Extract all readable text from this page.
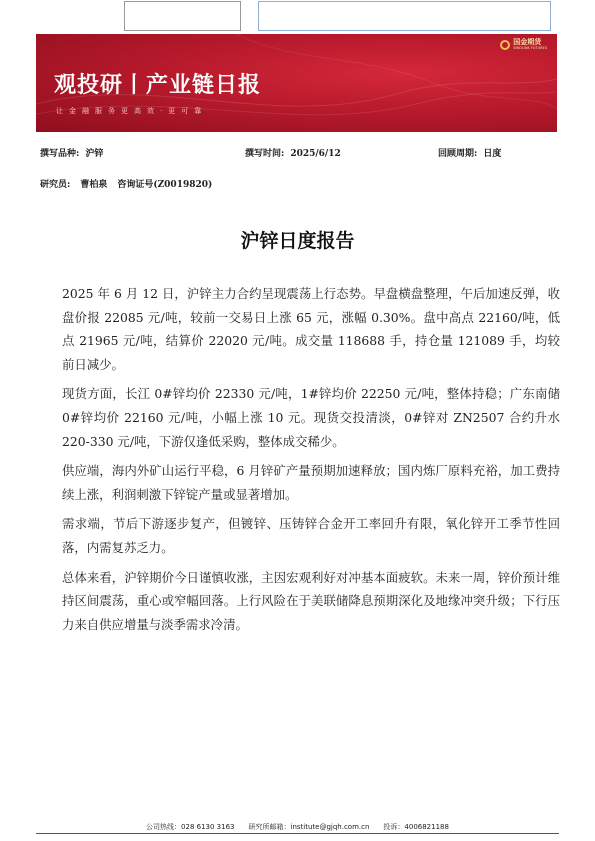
国金期货
SINOLINK FUTURES
观投研丨产业链日报
让金融服务更高效·更可靠
撰写品种: 沪锌	撰写时间: 2025/6/12	回顾周期: 日度
研究员: 曹柏泉 咨询证号(Z0019820)
沪锌日度报告

2025 年 6 月 12 日，沪锌主力合约呈现震荡上行态势。早盘横盘整理，午后加速反弹，收盘价报 22085 元/吨，较前一交易日上涨 65 元，涨幅 0.30%。盘中高点 22160/吨，低点 21965 元/吨，结算价 22020 元/吨。成交量 118688 手，持仓量 121089 手，均较前日减少。

现货方面，长江 0#锌均价 22330 元/吨，1#锌均价 22250 元/吨，整体持稳；广东南储 0#锌均价 22160 元/吨，小幅上涨 10 元。现货交投清淡，0#锌对 ZN2507 合约升水 220-330 元/吨，下游仅逢低采购，整体成交稀少。

供应端，海内外矿山运行平稳，6 月锌矿产量预期加速释放；国内炼厂原料充裕，加工费持续上涨，利润刺激下锌锭产量或显著增加。

需求端，节后下游逐步复产，但镀锌、压铸锌合金开工率回升有限，氧化锌开工季节性回落，内需复苏乏力。

总体来看，沪锌期价今日谨慎收涨，主因宏观利好对冲基本面疲软。未来一周，锌价预计维持区间震荡，重心或窄幅回落。上行风险在于美联储降息预期深化及地缘冲突升级；下行压力来自供应增量与淡季需求冷清。

公司热线：028 6130 3163 研究所邮箱：institute@gjqh.com.cn 投诉：4006821188
